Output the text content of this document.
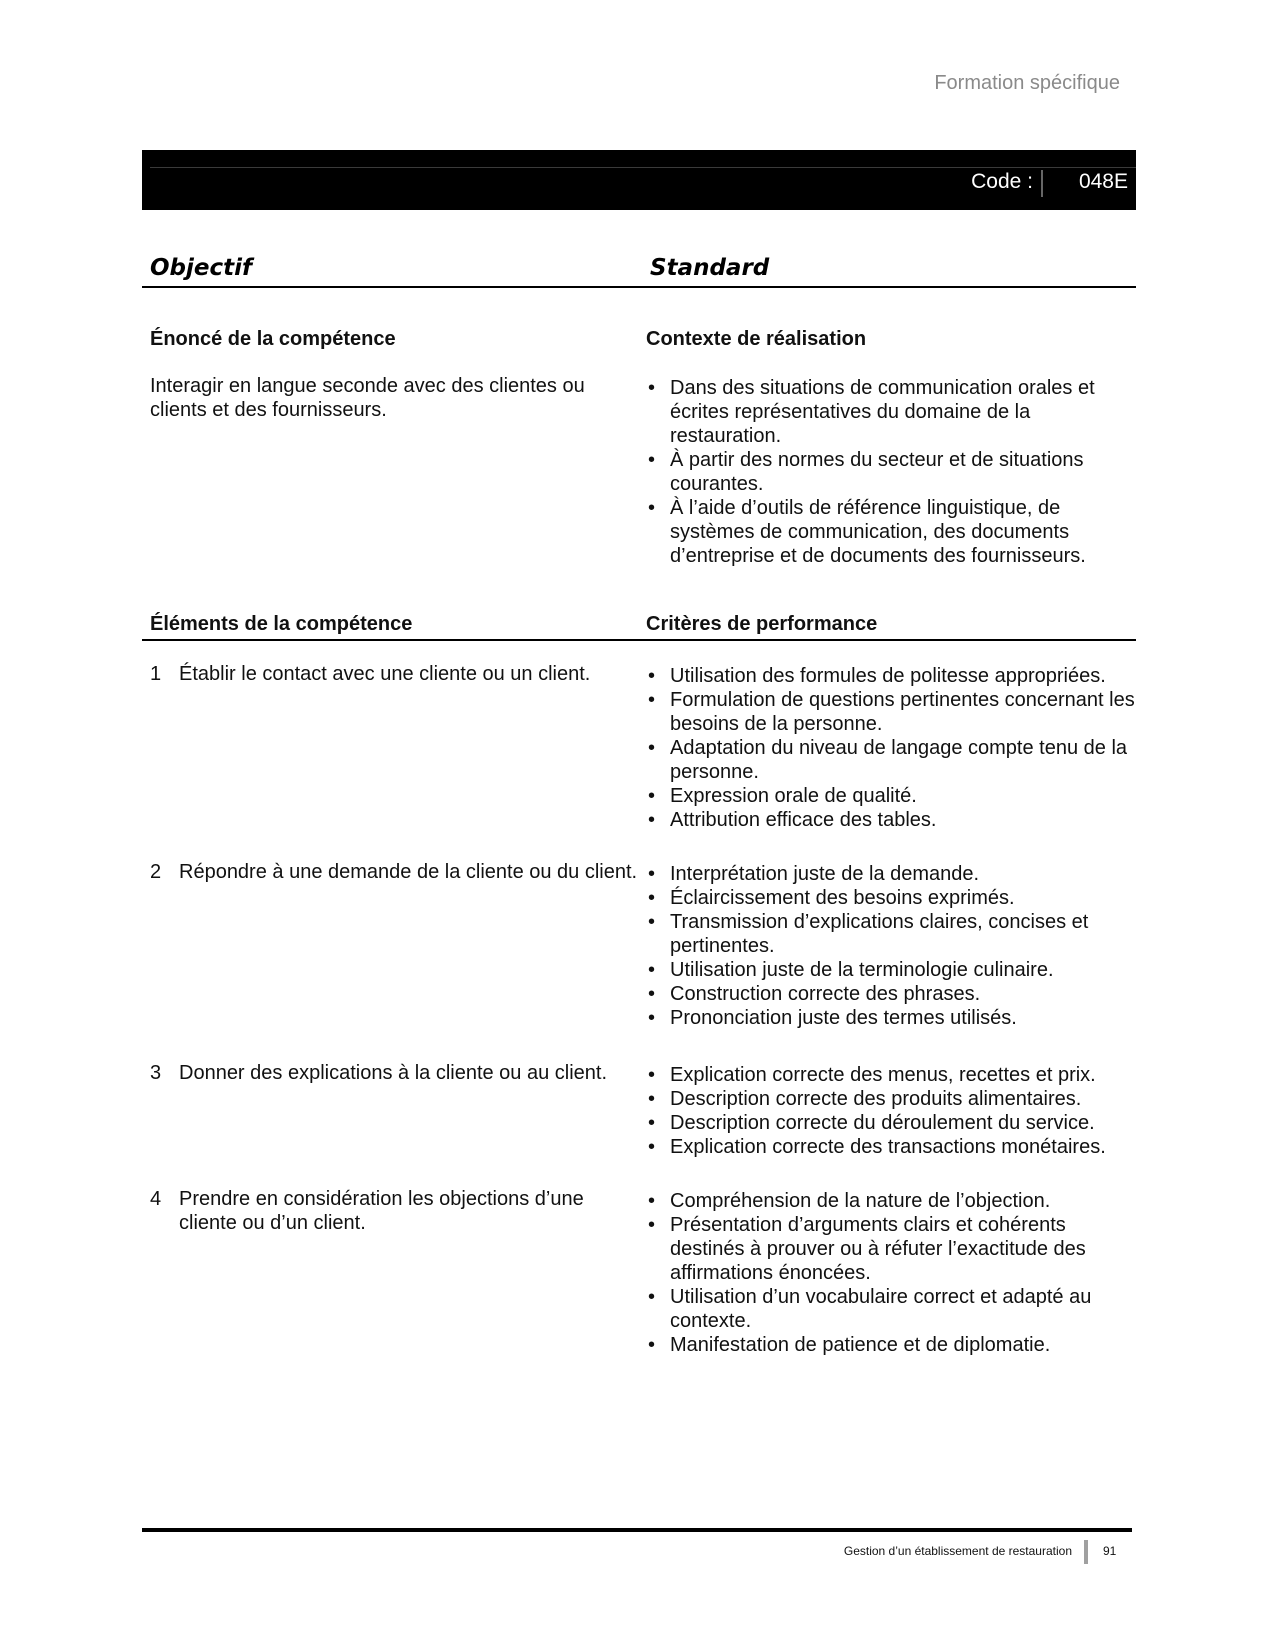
Formation spécifique
Code : 048E
Objectif	Standard
Énoncé de la compétence
Interagir en langue seconde avec des clientes ou clients et des fournisseurs.
Contexte de réalisation
• Dans des situations de communication orales et écrites représentatives du domaine de la restauration.
• À partir des normes du secteur et de situations courantes.
• À l’aide d’outils de référence linguistique, de systèmes de communication, des documents d’entreprise et de documents des fournisseurs.
Éléments de la compétence	Critères de performance
1 Établir le contact avec une cliente ou un client.	• Utilisation des formules de politesse appropriées.
• Formulation de questions pertinentes concernant les besoins de la personne.
• Adaptation du niveau de langage compte tenu de la personne.
• Expression orale de qualité.
• Attribution efficace des tables.
2 Répondre à une demande de la cliente ou du client. • Interprétation juste de la demande.
• Éclaircissement des besoins exprimés.
• Transmission d’explications claires, concises et pertinentes.
• Utilisation juste de la terminologie culinaire.
• Construction correcte des phrases.
• Prononciation juste des termes utilisés.
3 Donner des explications à la cliente ou au client.	• Explication correcte des menus, recettes et prix.
• Description correcte des produits alimentaires.
• Description correcte du déroulement du service.
• Explication correcte des transactions monétaires.
4 Prendre en considération les objections d’une cliente ou d’un client.
• Compréhension de la nature de l’objection.
• Présentation d’arguments clairs et cohérents destinés à prouver ou à réfuter l’exactitude des affirmations énoncées.
• Utilisation d’un vocabulaire correct et adapté au contexte.
• Manifestation de patience et de diplomatie.
Gestion d’un établissement de restauration	91
